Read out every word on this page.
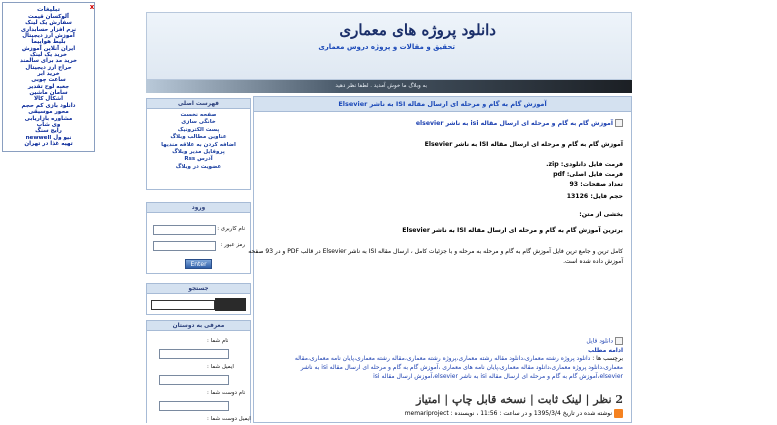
x
تبلیغات
آلوکسان قیمت
سفارش یک لینک
نرم افزار حسابداری
آموزش ارز دیجیتال
بلیط هواپیما
ایران آنلاین آموزش
خرید یک لینک
خرید مد برای سالمند
حراج ارز دیجیتال
خرید ابر
ساعت چوبی
جعبه لوح تقدیر
سامان ماشین
اشکال کالا
دانلود بازی کم حجم
محور موسیقی
مشاوره بازاریابی
وی شاپ
رایج سنگ
نیو ول newwell
تهیه غذا در تهران
دانلود پروژه های معماری
تحقیق و مقالات و پروژه دروس معماری
به وبلاگ ما خوش آمدید . لطفا نظر دهید
فهرست اصلی
صفحه نخست
خانگی سازی
پست الکترونیک
عناوین مطالب وبلاگ
اضافه کردن به علاقه مندیها
پروفایل مدیر وبلاگ
آدرس Rss
عضویت در وبلاگ
ورود
نام کاربری :
رمز عبور :
Enter
جستجو
معرفی به دوستان
نام شما :
ایمیل شما :
نام دوست شما :
ایمیل دوست شما :
آموزش گام به گام و مرحله ای ارسال مقاله ISI به ناشر Elsevier
آموزش گام به گام و مرحله ای ارسال مقاله isi به ناشر elsevier
آموزش گام به گام و مرحله ای ارسال مقاله ISI به ناشر Elsevier
فرمت فایل دانلودی: zip.
فرمت فایل اصلی: pdf
تعداد صفحات: 93
حجم فایل: 13126
بخشی از متن:
برترین آموزش گام به گام و مرحله ای ارسال مقاله ISI به ناشر Elsevier
کامل ترین و جامع ترین فایل آموزش گام به گام و مرحله به مرحله و با جزئیات کامل ، ارسال مقاله ISI به ناشر Elsevier در قالب PDF و در 93 صفحه
آموزش داده شده است.
دانلود فایل
ادامه مطلب
برچسب ها : دانلود پروژه رشته معماری،دانلود مقاله رشته معماری،پروژه رشته معماری،مقاله رشته معماری،پایان نامه معماری،مقاله معماری،دانلود پروژه معماری،دانلود مقاله معماری،پایان نامه های معماری ،آموزش گام به گام و مرحله ای ارسال مقاله isi به ناشر elsevier،آموزش گام به گام و مرحله ای ارسال مقاله isi به ناشر elsevier،آموزش ارسال مقاله isi
2 نظر | لینک ثابت | نسخه قابل چاپ | امتیاز
نوشته شده در تاریخ 1395/3/4 و در ساعت : 11:56 ، نویسنده : memariproject
